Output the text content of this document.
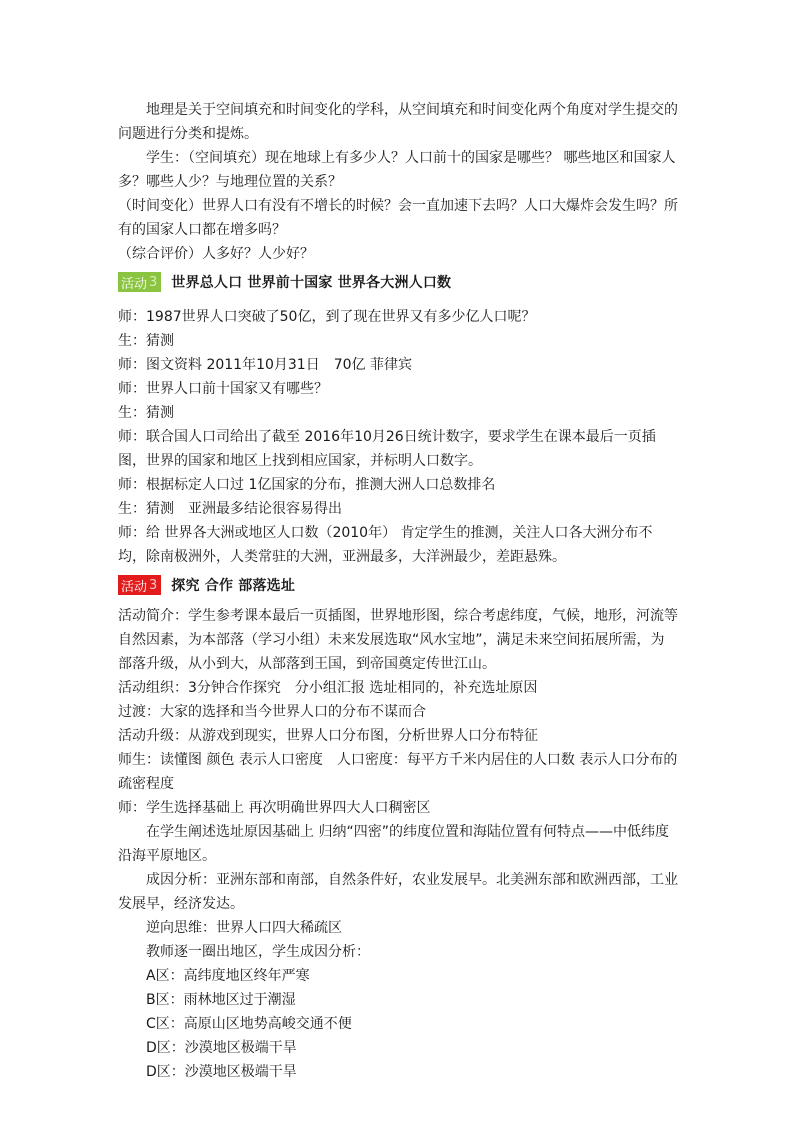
地理是关于空间填充和时间变化的学科，从空间填充和时间变化两个角度对学生提交的问题进行分类和提炼。

学生：（空间填充）现在地球上有多少人？人口前十的国家是哪些？ 哪些地区和国家人多？哪些人少？与地理位置的关系？

（时间变化）世界人口有没有不增长的时候？会一直加速下去吗？人口大爆炸会发生吗？所有的国家人口都在增多吗？

（综合评价）人多好？人少好？

活动 3 世界总人口 世界前十国家 世界各大洲人口数

师：1987世界人口突破了50亿，到了现在世界又有多少亿人口呢？

生：猜测

师：图文资料 2011年10月31日　70亿 菲律宾

师：世界人口前十国家又有哪些？

生：猜测

师：联合国人口司给出了截至 2016年10月26日统计数字，要求学生在课本最后一页插图，世界的国家和地区上找到相应国家，并标明人口数字。

师：根据标定人口过 1亿国家的分布，推测大洲人口总数排名

生：猜测　亚洲最多结论很容易得出

师：给 世界各大洲或地区人口数（2010年） 肯定学生的推测，关注人口各大洲分布不均，除南极洲外，人类常驻的大洲，亚洲最多，大洋洲最少，差距悬殊。

活动 3 探究 合作 部落选址

活动简介：学生参考课本最后一页插图，世界地形图，综合考虑纬度，气候，地形，河流等自然因素，为本部落（学习小组）未来发展选取“风水宝地”，满足未来空间拓展所需，为部落升级，从小到大，从部落到王国，到帝国奠定传世江山。

活动组织：3分钟合作探究　分小组汇报 选址相同的，补充选址原因

过渡：大家的选择和当今世界人口的分布不谋而合

活动升级：从游戏到现实，世界人口分布图，分析世界人口分布特征

师生：读懂图 颜色 表示人口密度　人口密度：每平方千米内居住的人口数 表示人口分布的疏密程度

师：学生选择基础上 再次明确世界四大人口稠密区

在学生阐述选址原因基础上 归纳“四密”的纬度位置和海陆位置有何特点——中低纬度沿海平原地区。

成因分析：亚洲东部和南部，自然条件好，农业发展早。北美洲东部和欧洲西部，工业发展早，经济发达。

逆向思维：世界人口四大稀疏区

教师逐一圈出地区，学生成因分析：

A区：高纬度地区终年严寒

B区：雨林地区过于潮湿

C区：高原山区地势高峻交通不便

D区：沙漠地区极端干旱

D区：沙漠地区极端干旱
